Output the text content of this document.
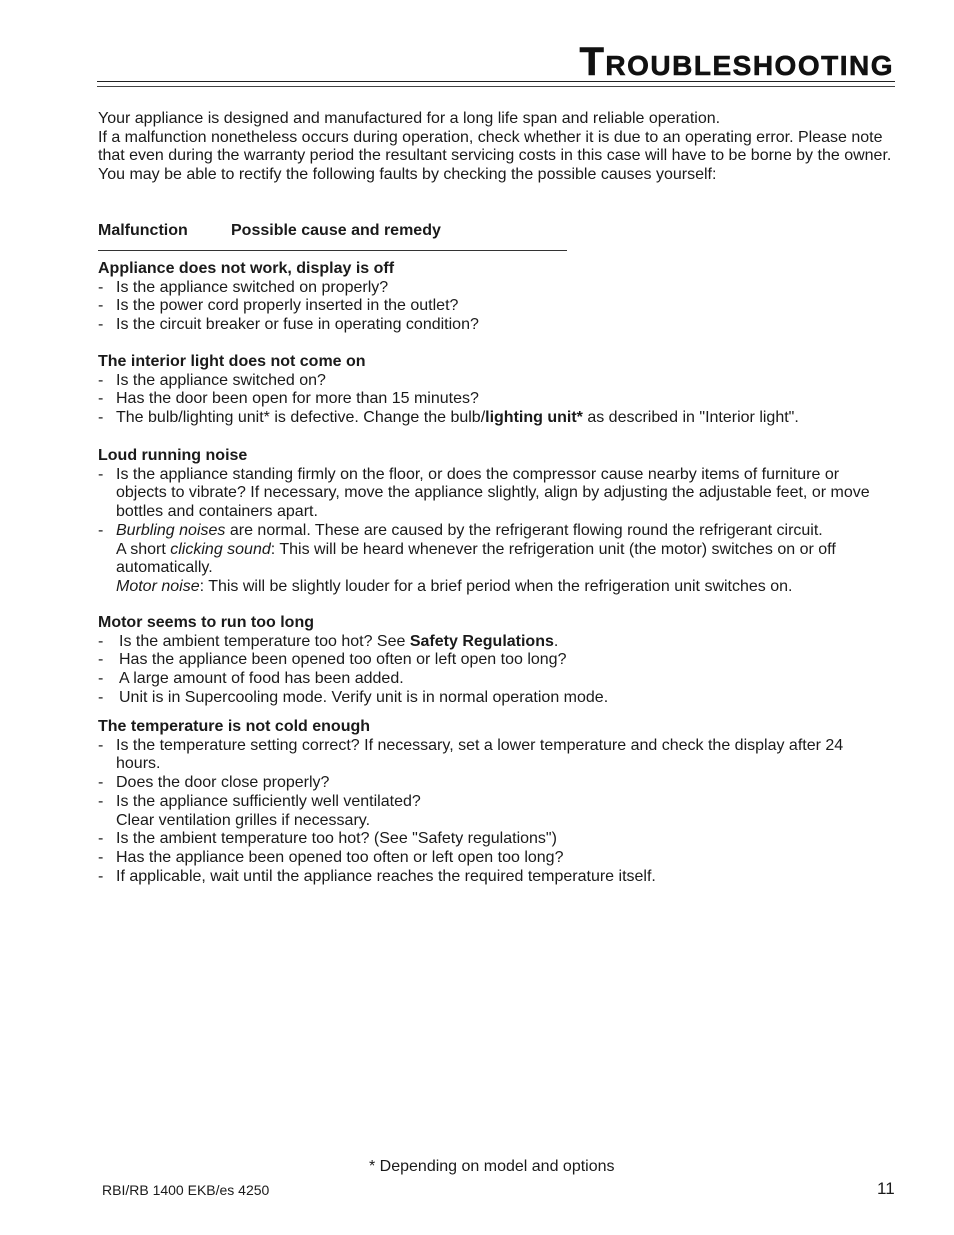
Troubleshooting

Your appliance is designed and manufactured for a long life span and reliable operation.

If a malfunction nonetheless occurs during operation, check whether it is due to an operating error. Please note that even during the warranty period the resultant servicing costs in this case will have to be borne by the owner.

You may be able to rectify the following faults by checking the possible causes yourself:

Malfunction	Possible cause and remedy
Appliance does not work, display is off
- Is the appliance switched on properly?
- Is the power cord properly inserted in the outlet?
- Is the circuit breaker or fuse in operating condition?
The interior light does not come on
- Is the appliance switched on?
- Has the door been open for more than 15 minutes?
- The bulb/lighting unit* is defective. Change the bulb/lighting unit* as described in "Interior light".
Loud running noise
- Is the appliance standing firmly on the floor, or does the compressor cause nearby items of furniture or objects to vibrate? If necessary, move the appliance slightly, align by adjusting the adjustable feet, or move bottles and containers apart.
- Burbling noises are normal. These are caused by the refrigerant flowing round the refrigerant circuit.
A short clicking sound: This will be heard whenever the refrigeration unit (the motor) switches on or off automatically.
Motor noise: This will be slightly louder for a brief period when the refrigeration unit switches on.
Motor seems to run too long
- Is the ambient temperature too hot? See Safety Regulations.
- Has the appliance been opened too often or left open too long?
- A large amount of food has been added.
- Unit is in Supercooling mode. Verify unit is in normal operation mode.
The temperature is not cold enough
- Is the temperature setting correct? If necessary, set a lower temperature and check the display after 24 hours.
- Does the door close properly?
- Is the appliance sufficiently well ventilated?
Clear ventilation grilles if necessary.
- Is the ambient temperature too hot? (See "Safety regulations")
- Has the appliance been opened too often or left open too long?
- If applicable, wait until the appliance reaches the required temperature itself.
* Depending on model and options
RBI/RB 1400 EKB/es 4250	11
